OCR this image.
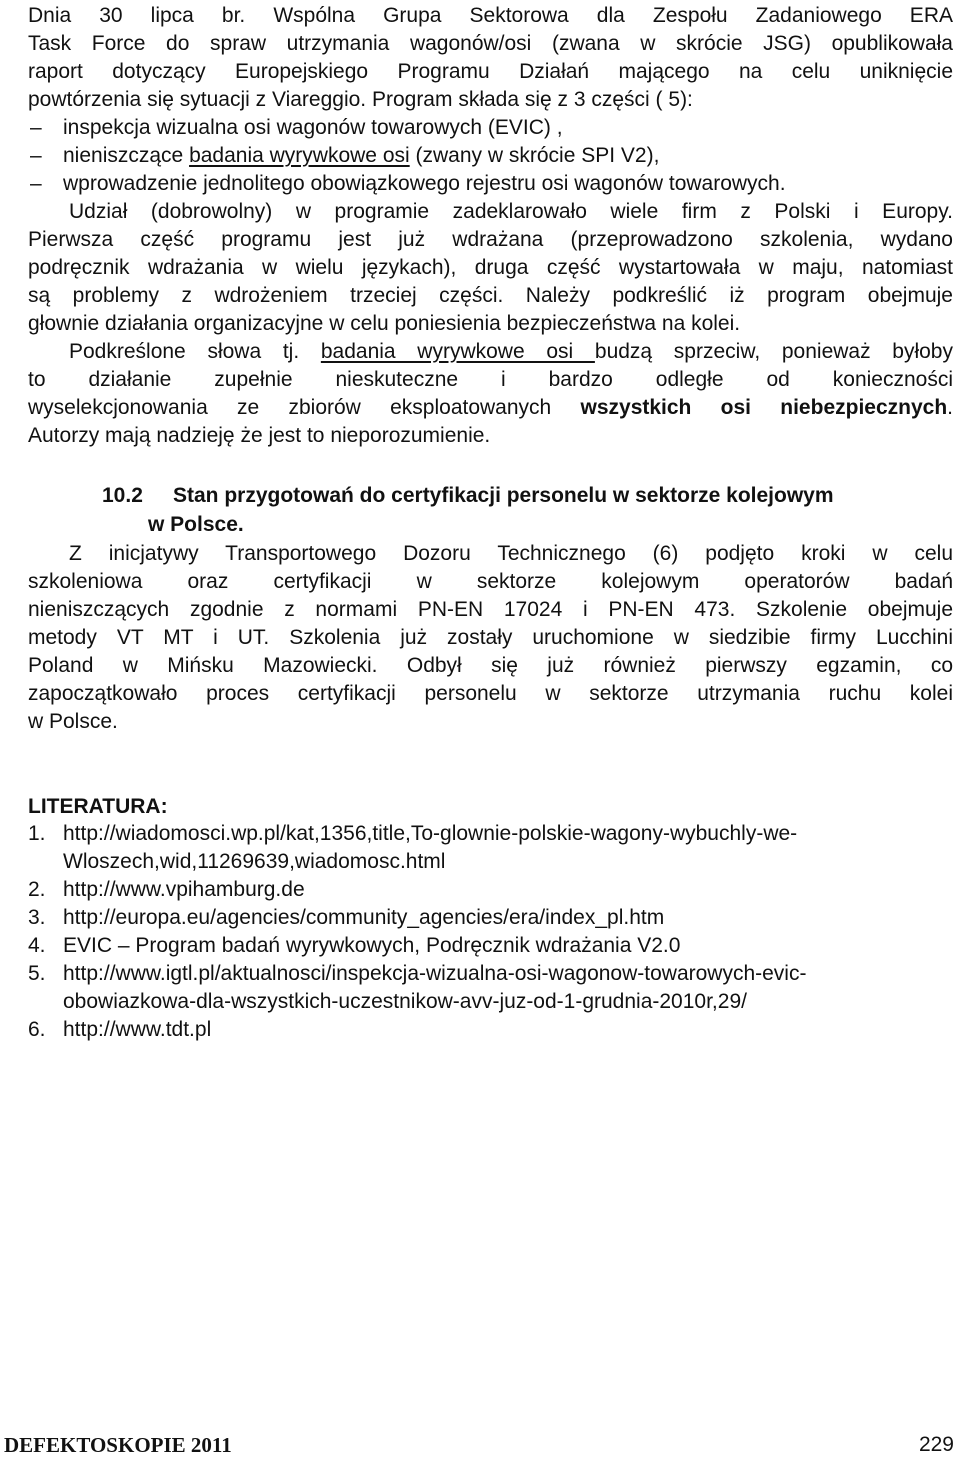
Dnia 30 lipca br. Wspólna Grupa Sektorowa dla Zespołu Zadaniowego ERA
Task Force do spraw utrzymania wagonów/osi (zwana w skrócie JSG) opublikowała
raport dotyczący Europejskiego Programu Działań mającego na celu uniknięcie
powtórzenia się sytuacji z Viareggio. Program składa się z 3 części ( 5):
– inspekcja wizualna osi wagonów towarowych (EVIC) ,
– nieniszczące badania wyrywkowe osi (zwany w skrócie SPI V2),
– wprowadzenie jednolitego obowiązkowego rejestru osi wagonów towarowych.
Udział (dobrowolny) w programie zadeklarowało wiele firm z Polski i Europy.
Pierwsza część programu jest już wdrażana (przeprowadzono szkolenia, wydano
podręcznik wdrażania w wielu językach), druga część wystartowała w maju, natomiast
są problemy z wdrożeniem trzeciej części. Należy podkreślić iż program obejmuje
głownie działania organizacyjne w celu poniesienia bezpieczeństwa na kolei.
Podkreślone słowa tj. badania wyrywkowe osi budzą sprzeciw, ponieważ byłoby
to działanie zupełnie nieskuteczne i bardzo odległe od konieczności
wyselekcjonowania ze zbiorów eksploatowanych wszystkich osi niebezpiecznych.
Autorzy mają nadzieję że jest to nieporozumienie.
10.2 Stan przygotowań do certyfikacji personelu w sektorze kolejowym
w Polsce.
Z inicjatywy Transportowego Dozoru Technicznego (6) podjęto kroki w celu
szkoleniowa oraz certyfikacji w sektorze kolejowym operatorów badań
nieniszczących zgodnie z normami PN-EN 17024 i PN-EN 473. Szkolenie obejmuje
metody VT MT i UT. Szkolenia już zostały uruchomione w siedzibie firmy Lucchini
Poland w Mińsku Mazowiecki. Odbył się już również pierwszy egzamin, co
zapoczątkowało proces certyfikacji personelu w sektorze utrzymania ruchu kolei
w Polsce.
LITERATURA:
1. http://wiadomosci.wp.pl/kat,1356,title,To-glownie-polskie-wagony-wybuchly-we-
Wloszech,wid,11269639,wiadomosc.html
2. http://www.vpihamburg.de
3. http://europa.eu/agencies/community_agencies/era/index_pl.htm
4. EVIC – Program badań wyrywkowych, Podręcznik wdrażania V2.0
5. http://www.igtl.pl/aktualnosci/inspekcja-wizualna-osi-wagonow-towarowych-evic-
obowiazkowa-dla-wszystkich-uczestnikow-avv-juz-od-1-grudnia-2010r,29/
6. http://www.tdt.pl
DEFEKTOSKOPIE 2011	229
